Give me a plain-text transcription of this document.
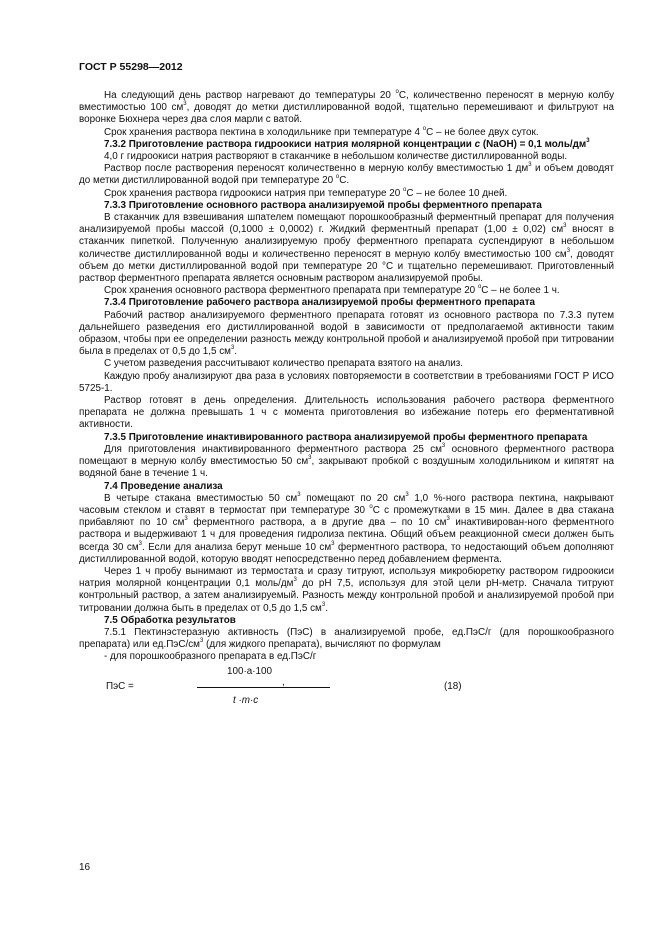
ГОСТ Р 55298—2012

На следующий день раствор нагревают до температуры 20 $^о$С, количественно переносят в мерную колбу вместимостью 100 $см^3$, доводят до метки дистиллированной водой, тщательно перемешивают и фильтруют на воронке Бюхнера через два слоя марли с ватой.

Срок хранения раствора пектина в холодильнике при температуре 4 $^о$С – не более двух суток.

7.3.2 Приготовление раствора гидроокиси натрия молярной концентрации с (NaOH) = 0,1 моль/$дм^3$

4,0 г гидроокиси натрия растворяют в стаканчике в небольшом количестве дистиллированной воды.

Раствор после растворения переносят количественно в мерную колбу вместимостью 1 $дм^3$ и объем доводят до метки дистиллированной водой при температуре 20 $^о$С.

Срок хранения раствора гидроокиси натрия при температуре 20 $^о$С – не более 10 дней.

7.3.3 Приготовление основного раствора анализируемой пробы ферментного препарата

В стаканчик для взвешивания шпателем помещают порошкообразный ферментный препарат для получения анализируемой пробы массой (0,1000 ± 0,0002) г. Жидкий ферментный препарат (1,00 ± 0,02) $см^3$ вносят в стаканчик пипеткой. Полученную анализируемую пробу ферментного препарата суспендируют в небольшом количестве дистиллированной воды и количественно переносят в мерную колбу вместимостью 100 $см^3$, доводят объем до метки дистиллированной водой при температуре 20 °С и тщательно перемешивают. Приготовленный раствор ферментного препарата является основным раствором анализируемой пробы.

Срок хранения основного раствора ферментного препарата при температуре 20 $^о$С – не более 1 ч.

7.3.4 Приготовление рабочего раствора анализируемой пробы ферментного препарата

Рабочий раствор анализируемого ферментного препарата готовят из основного раствора по 7.3.3 путем дальнейшего разведения его дистиллированной водой в зависимости от предполагаемой активности таким образом, чтобы при ее определении разность между контрольной пробой и анализируемой пробой при титровании была в пределах от 0,5 до 1,5 $см^3$.

С учетом разведения рассчитывают количество препарата взятого на анализ.

Каждую пробу анализируют два раза в условиях повторяемости в соответствии в требованиями ГОСТ Р ИСО 5725-1.

Раствор готовят в день определения. Длительность использования рабочего раствора ферментного препарата не должна превышать 1 ч с момента приготовления во избежание потерь его ферментативной активности.

7.3.5 Приготовление инактивированного раствора анализируемой пробы ферментного препарата

Для приготовления инактивированного ферментного раствора 25 $см^3$ основного ферментного раствора помещают в мерную колбу вместимостью 50 $см^3$, закрывают пробкой с воздушным холодильником и кипятят на водяной бане в течение 1 ч.

7.4 Проведение анализа

В четыре стакана вместимостью 50 $см^3$ помещают по 20 $см^3$ 1,0 %-ного раствора пектина, накрывают часовым стеклом и ставят в термостат при температуре 30 $^о$С с промежутками в 15 мин. Далее в два стакана прибавляют по 10 $см^3$ ферментного раствора, а в другие два – по 10 $см^3$ инактивирован-ного ферментного раствора и выдерживают 1 ч для проведения гидролиза пектина. Общий объем реакционной смеси должен быть всегда 30 $см^3$. Если для анализа берут меньше 10 $см^3$ ферментного раствора, то недостающий объем дополняют дистиллированной водой, которую вводят непосредственно перед добавлением фермента.

Через 1 ч пробу вынимают из термостата и сразу титруют, используя микробюретку раствором гидроокиси натрия молярной концентрации 0,1 моль/$дм^3$ до рН 7,5, используя для этой цели рН-метр. Сначала титруют контрольный раствор, а затем анализируемый. Разность между контрольной пробой и анализируемой пробой при титровании должна быть в пределах от 0,5 до 1,5 $см^3$.

7.5 Обработка результатов

7.5.1 Пектинэстеразную активность (ПэС) в анализируемой пробе, ед.ПэС/г (для порошкообразного препарата) или $ед.ПэС/см^3$ (для жидкого препарата), вычисляют по формулам

- для порошкообразного препарата в ед.ПэС/г

ПэС =
100·a·100
,
t ·m·c
(18)
16
